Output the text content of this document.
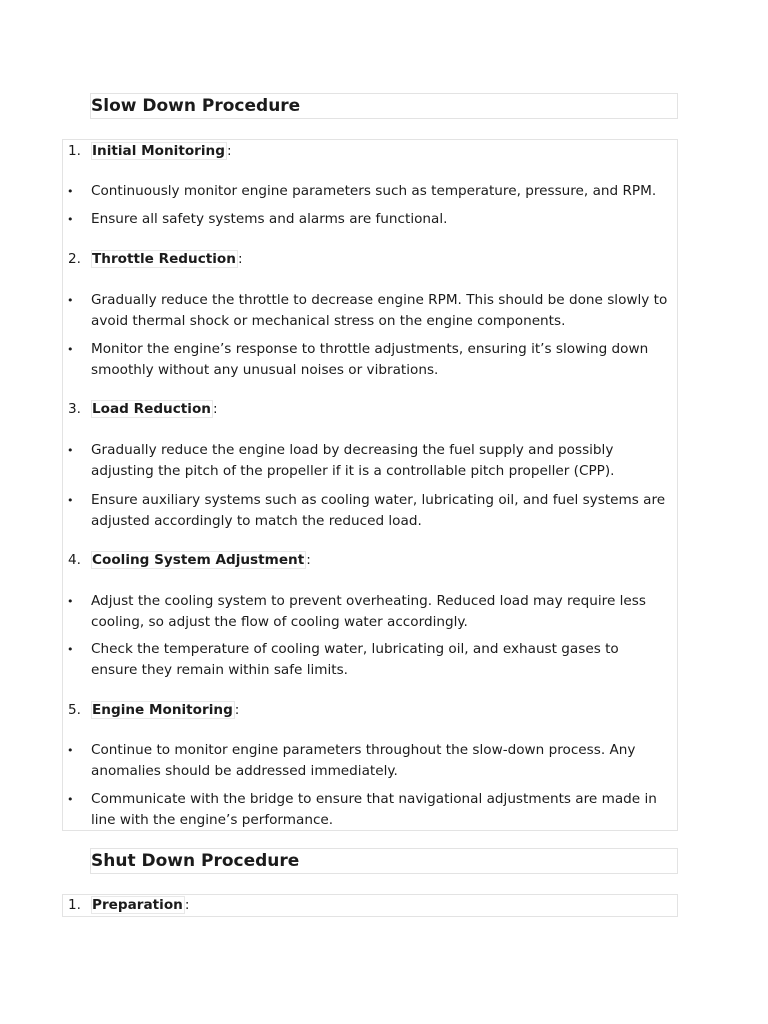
Slow Down Procedure
1. Initial Monitoring :
• Continuously monitor engine parameters such as temperature, pressure, and RPM.
• Ensure all safety systems and alarms are functional.
2. Throttle Reduction :
• Gradually reduce the throttle to decrease engine RPM. This should be done slowly to avoid thermal shock or mechanical stress on the engine components.
• Monitor the engine’s response to throttle adjustments, ensuring it’s slowing down smoothly without any unusual noises or vibrations.
3. Load Reduction :
• Gradually reduce the engine load by decreasing the fuel supply and possibly adjusting the pitch of the propeller if it is a controllable pitch propeller (CPP).
• Ensure auxiliary systems such as cooling water, lubricating oil, and fuel systems are adjusted accordingly to match the reduced load.
4. Cooling System Adjustment :
• Adjust the cooling system to prevent overheating. Reduced load may require less cooling, so adjust the flow of cooling water accordingly.
• Check the temperature of cooling water, lubricating oil, and exhaust gases to ensure they remain within safe limits.
5. Engine Monitoring :
• Continue to monitor engine parameters throughout the slow-down process. Any anomalies should be addressed immediately.
• Communicate with the bridge to ensure that navigational adjustments are made in line with the engine’s performance.
Shut Down Procedure
1. Preparation :
